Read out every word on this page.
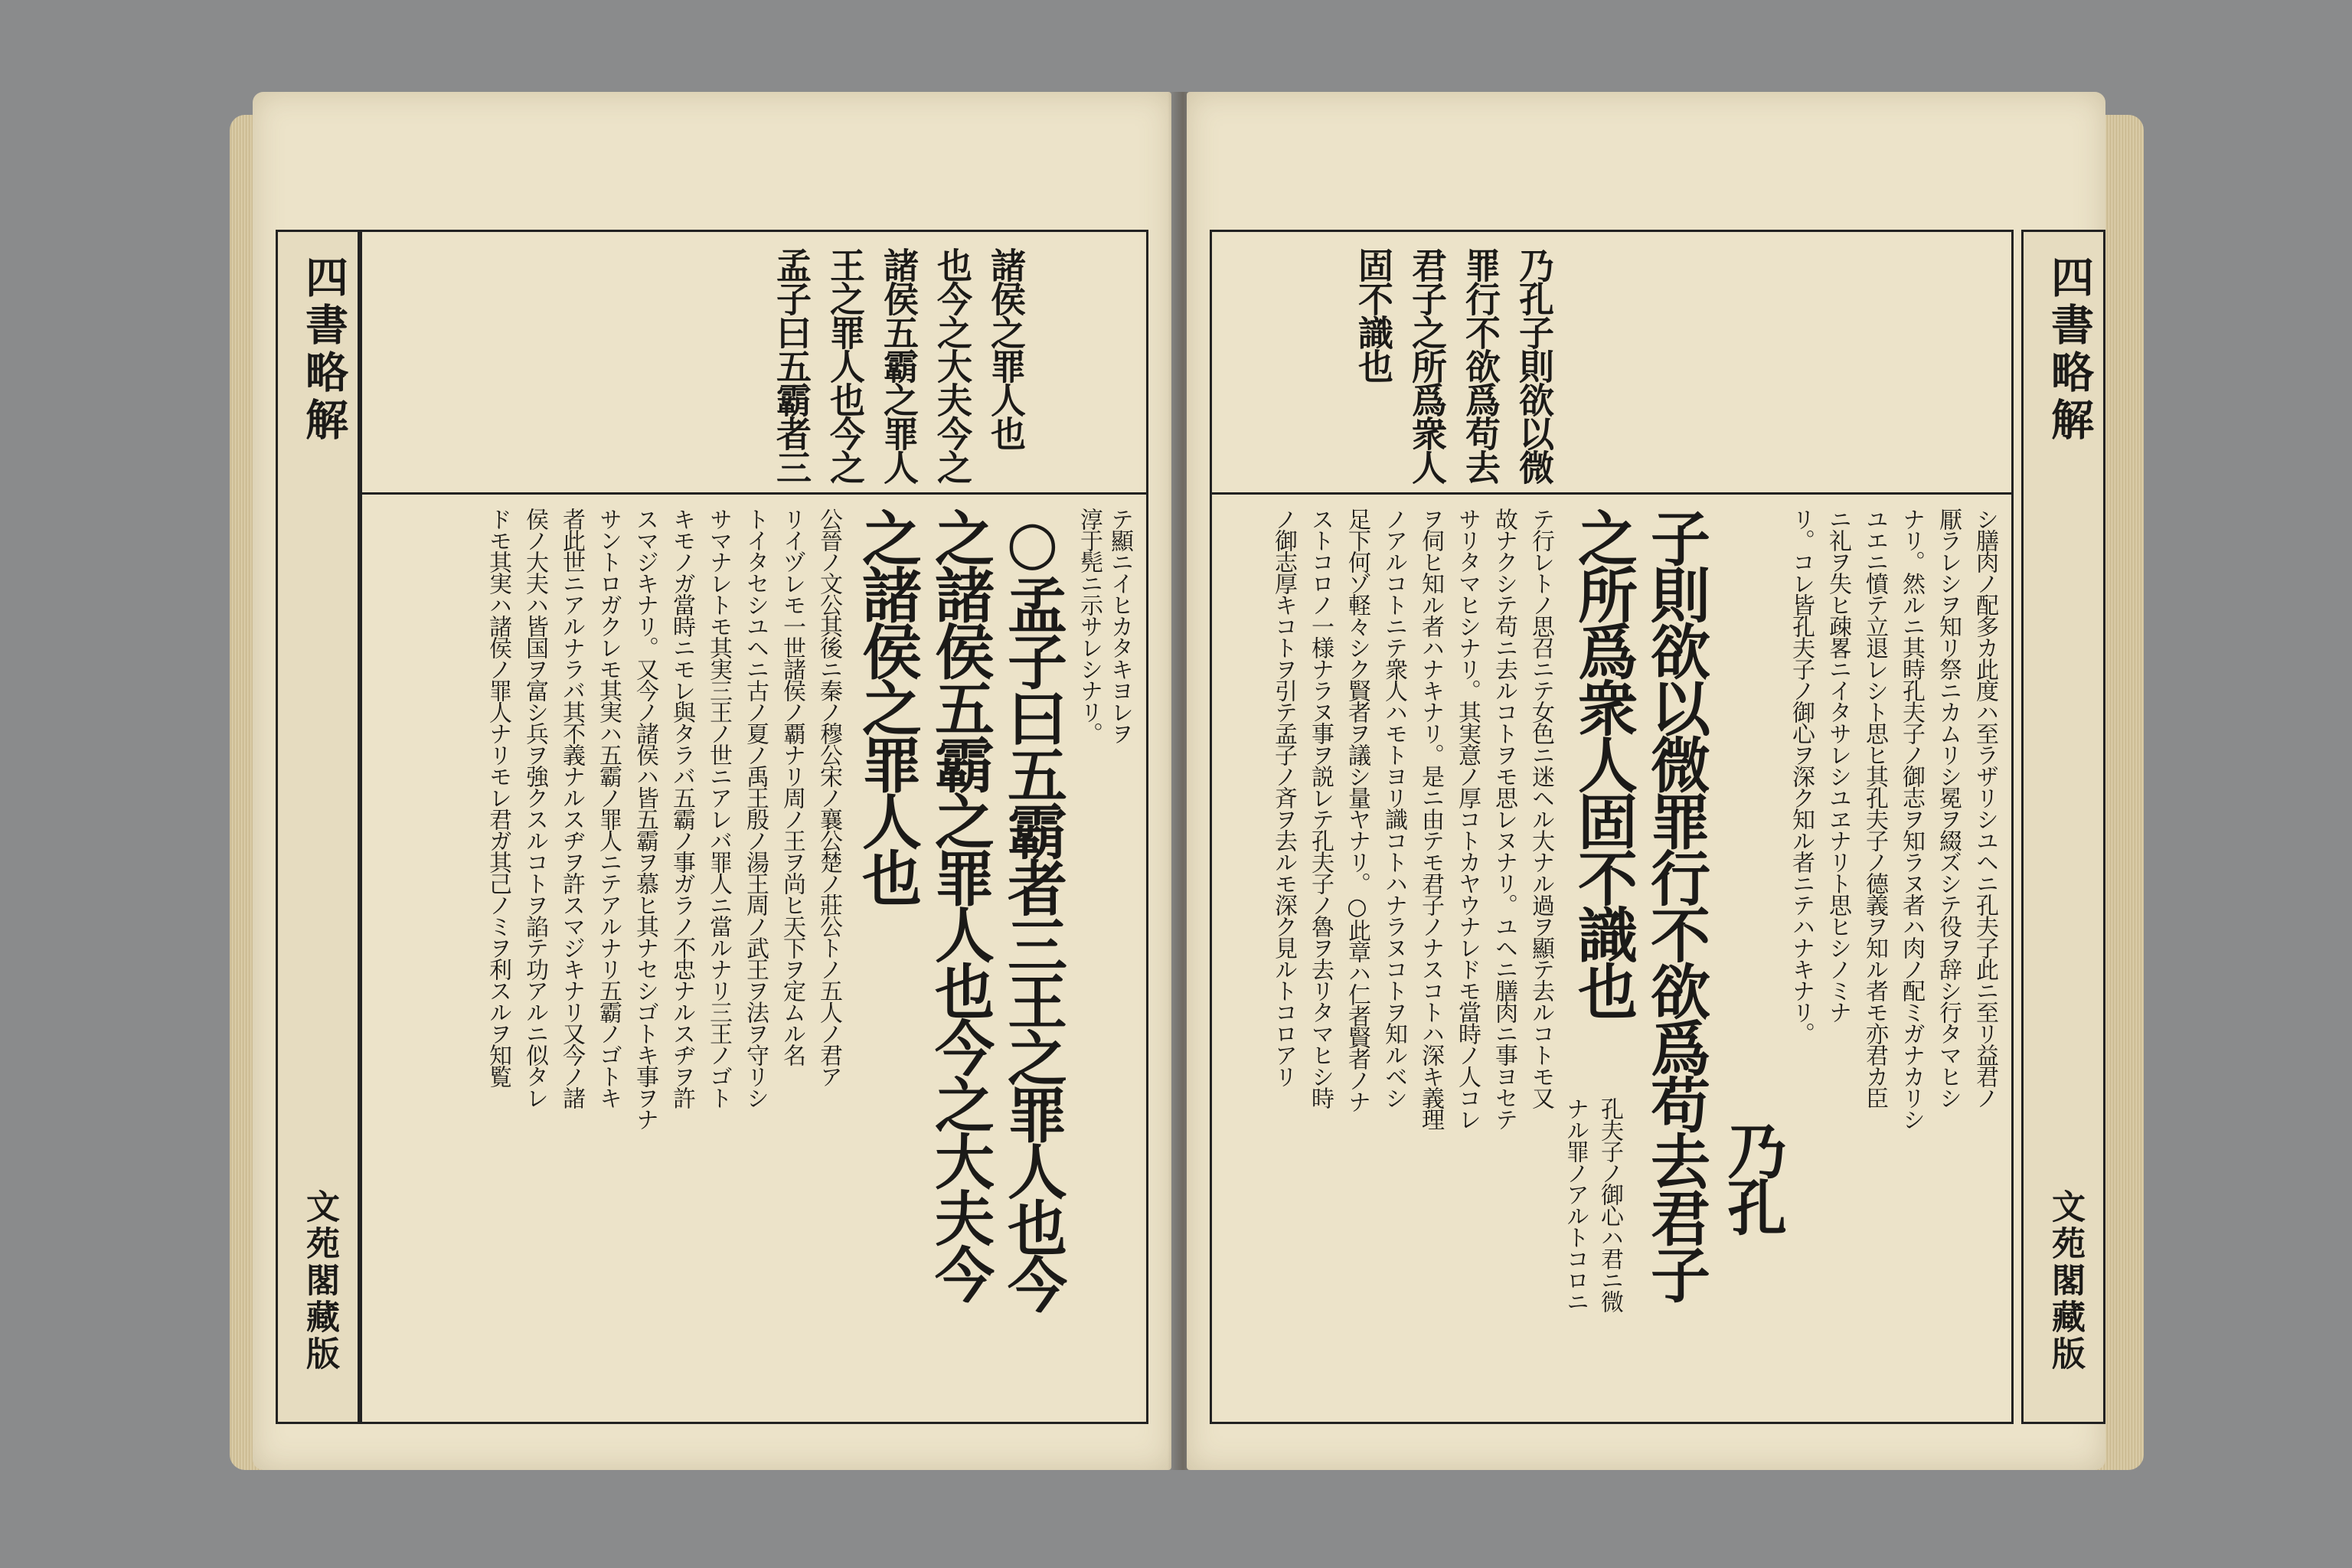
四書略解
文苑閣藏版
孟子曰五霸者三 王之罪人也今之 諸侯五霸之罪人 也今之大夫今之 諸侯之罪人也
テ顯ニイヒカタキヨレヲ
淳于髡ニ示サレシナリ。
○孟子曰五霸者三王之罪人也今
之諸侯五霸之罪人也今之大夫今
之諸侯之罪人也
公晉ノ文公其後ニ秦ノ穆公宋ノ襄公楚ノ莊公トノ五人ノ君ア
リイヅレモ一世諸侯ノ覇ナリ周ノ王ヲ尚ヒ天下ヲ定ムル名
トイタセシユヘニ古ノ夏ノ禹王殷ノ湯王周ノ武王ヲ法ヲ守リシ
サマナレトモ其実三王ノ世ニアレバ罪人ニ當ルナリ三王ノゴト
キモノガ當時ニモレ與タラバ五霸ノ事ガラノ不忠ナルスヂヲ許
スマジキナリ。又今ノ諸侯ハ皆五霸ヲ慕ヒ其ナセシゴトキ事ヲナ
サントロガクレモ其実ハ五霸ノ罪人ニテアルナリ五霸ノゴトキ
者此世ニアルナラバ其不義ナルスヂヲ許スマジキナリ又今ノ諸
侯ノ大夫ハ皆国ヲ富シ兵ヲ強クスルコトヲ諂テ功アルニ似タレ
ドモ其実ハ諸侯ノ罪人ナリモレ君ガ其己ノミヲ利スルヲ知覧
乃孔子則欲以微
罪行不欲爲苟去
君子之所爲衆人
固不識也
シ膳肉ノ配多カ此度ハ至ラザリシユヘニ孔夫子此ニ至リ益君ノ
厭ラレシヲ知リ祭ニカムリシ冕ヲ綴ズシテ役ヲ辞シ行タマヒシ
ナリ。然ルニ其時孔夫子ノ御志ヲ知ラヌ者ハ肉ノ配ミガナカリシ
ユエニ憤テ立退レシト思ヒ其孔夫子ノ德義ヲ知ル者モ亦君カ臣
ニ礼ヲ失ヒ疎畧ニイタサレシユヱナリト思ヒシノミナ
リ。コレ皆孔夫子ノ御心ヲ深ク知ル者ニテハナキナリ。
乃孔
子則欲以微罪行不欲爲苟去君子
之所爲衆人固不識也
孔夫子ノ御心ハ君ニ微
ナル罪ノアルトコロニ
テ行レトノ思召ニテ女色ニ迷ヘル大ナル過ヲ顯テ去ルコトモ又
故ナクシテ苟ニ去ルコトヲモ思レヌナリ。ユヘニ膳肉ニ事ヨセテ
サリタマヒシナリ。其実意ノ厚コトカヤウナレドモ當時ノ人コレ
ヲ伺ヒ知ル者ハナキナリ。是ニ由テモ君子ノナスコトハ深キ義理
ノアルコトニテ衆人ハモトヨリ識コトハナラヌコトヲ知ルベシ
足下何ゾ軽々シク賢者ヲ議シ量ヤナリ。○此章ハ仁者賢者ノナ
ストコロノ一様ナラヌ事ヲ説レテ孔夫子ノ魯ヲ去リタマヒシ時
ノ御志厚キコトヲ引テ孟子ノ斉ヲ去ルモ深ク見ルトコロアリ
四書略解
文苑閣藏版
